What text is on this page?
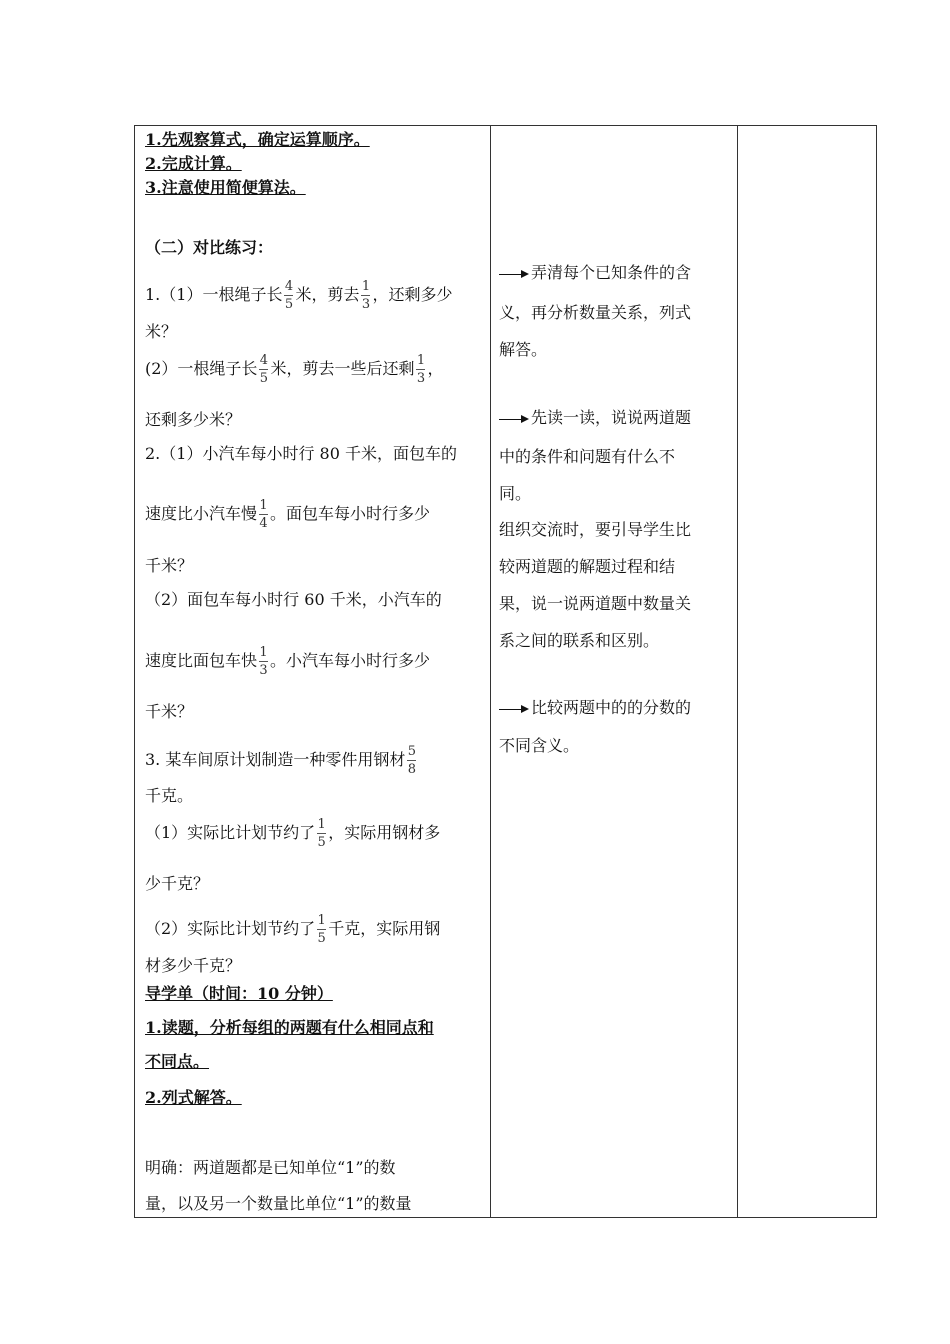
1.先观察算式，确定运算顺序。
2.完成计算。
3.注意使用简便算法。
（二）对比练习：
1.（1）一根绳子长 $\frac{4}{5}$ 米，剪去 $\frac{1}{3}$ ，还剩多少
米？
(2）一根绳子长 $\frac{4}{5}$ 米，剪去一些后还剩 $\frac{1}{3}$ ，
还剩多少米？
2.（1）小汽车每小时行 80 千米，面包车的
速度比小汽车慢 $\frac{1}{4}$ 。面包车每小时行多少
千米？
（2）面包车每小时行 60 千米，小汽车的
速度比面包车快 $\frac{1}{3}$ 。小汽车每小时行多少
千米？
3. 某车间原计划制造一种零件用钢材 $\frac{5}{8}$
千克。
（1）实际比计划节约了 $\frac{1}{5}$ ，实际用钢材多
少千克？
（2）实际比计划节约了 $\frac{1}{5}$ 千克，实际用钢
材多少千克？
导学单（时间：10 分钟）
1.读题，分析每组的两题有什么相同点和
不同点。
2.列式解答。
明确：两道题都是已知单位“1”的数
量，以及另一个数量比单位“1”的数量
弄清每个已知条件的含
义，再分析数量关系，列式
解答。
先读一读，说说两道题
中的条件和问题有什么不
同。
组织交流时，要引导学生比
较两道题的解题过程和结
果，说一说两道题中数量关
系之间的联系和区别。
比较两题中的的分数的
不同含义。
